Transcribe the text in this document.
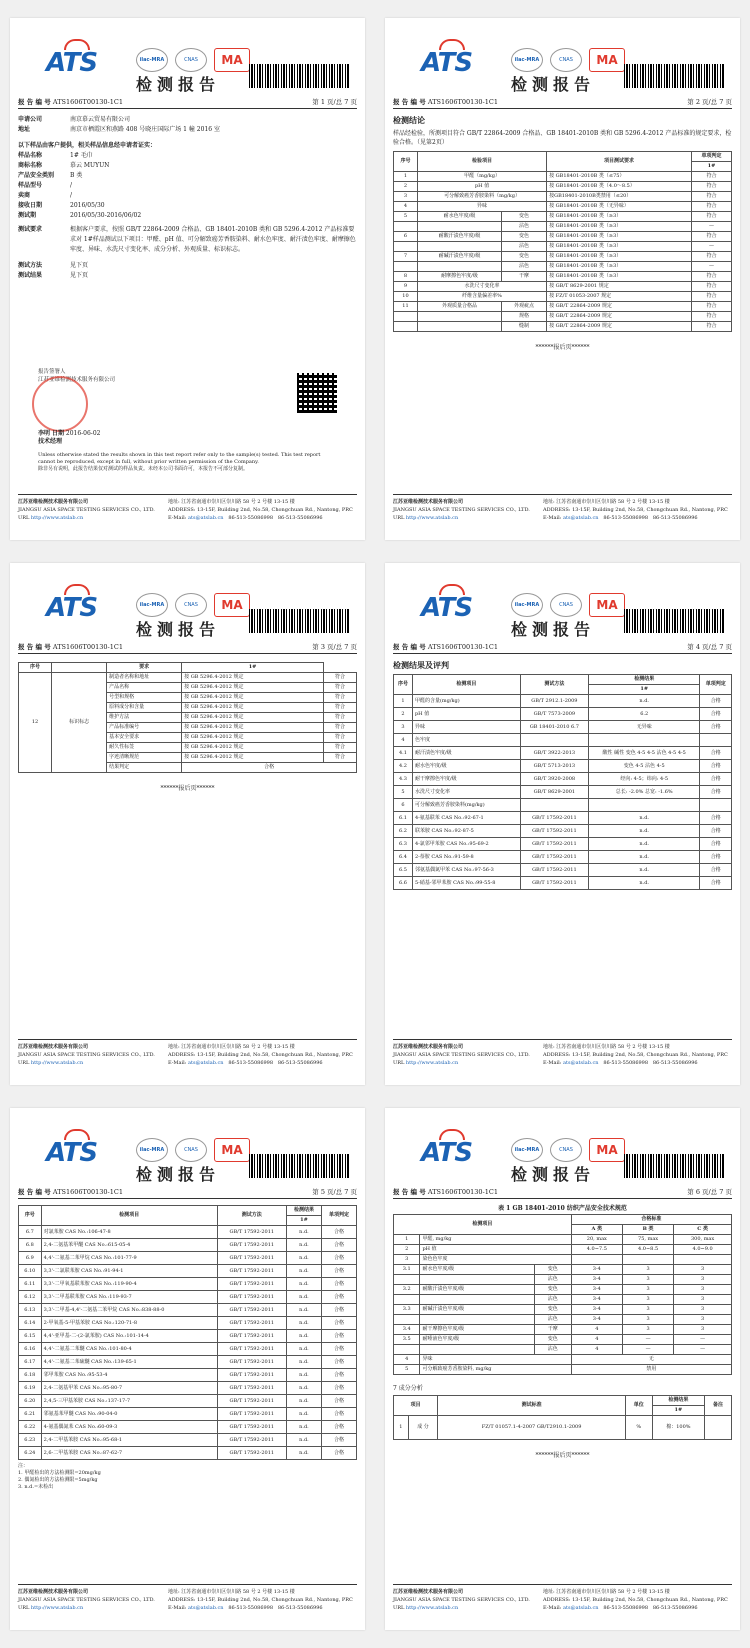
ATS	ilac-MRA	CNAS	MA
检测报告
报 告 编 号 ATS1606T00130-1C1	第 1 页/总 7 页
申请公司	南京慕云贸易有限公司
地址	南京市栖霞区和燕路 408 号晓庄国际广场 1 幢 2016 室
以下样品由客户提供，相关样品信息经申请者证实：
样品名称	1# 毛巾
商标名称	慕云 MUYUN
产品安全类别	B 类
样品型号	/
卖商	/
接收日期	2016/05/30
测试期	2016/05/30-2016/06/02
测试要求	根据客户要求，按照 GB/T 22864-2009 合格品、GB 18401-2010B 类和 GB 5296.4-2012 产品标准要求对 1#样品测试以下项目：甲醛、pH 值、可分解致癌芳香胺染料、耐水色牢度、耐汗渍色牢度、耐摩擦色牢度、异味、水洗尺寸变化率、成分分析、外观质量、标识标志。
测试方法	见下页
测试结果	见下页
报告签署人
江苏亚维检测技术服务有限公司
李明 日期 2016-06-02
技术经理
Unless otherwise stated the results shown in this test report refer only to the sample(s) tested. This test report cannot be reproduced, except in full, without prior written permission of the Company.
除非另有说明，此报告结果仅对测试的样品负责。未经本公司书面许可，本报告不可部分复制。
江苏亚维检测技术服务有限公司	地址: 江苏省南通市崇川区崇川路 58 号 2 号楼 13-15 楼
JIANGSU ASIA SPACE TESTING SERVICES CO., LTD.	ADDRESS: 13-15F, Building 2nd, No.58, Chongchuan Rd., Nantong, PRC
URL http://www.atslab.cn	E-Mail: ats@atslab.cn 86-513-55086998 86-513-55086996
ATS	ilac-MRA	CNAS	MA
检测报告
报 告 编 号 ATS1606T00130-1C1	第 2 页/总 7 页
检测结论
样品经检验，所测项目符合 GB/T 22864-2009 合格品、GB 18401-2010B 类和 GB 5296.4-2012 产品标准的规定要求，检验合格。（见第2页）
序号	检验项目		项目测试要求	单项判定
				1#
1	甲醛（mg/kg）		按 GB18401-2010B 类（≤75）	符合
2	pH 值		按 GB18401-2010B 类（4.0～8.5）	符合
3	可分解致癌芳香胺染料（mg/kg）		按GB18401-2010B类禁用（≤20）	符合
4	异味		按 GB18401-2010B 类（无异味）	符合
5	耐水色牢度/级	变色	按 GB18401-2010B 类（≥3）	符合
		沾色	按 GB18401-2010B 类（≥3）	—
6	耐酸汗渍色牢度/级	变色	按 GB18401-2010B 类（≥3）	符合
		沾色	按 GB18401-2010B 类（≥3）	—
7	耐碱汗渍色牢度/级	变色	按 GB18401-2010B 类（≥3）	符合
		沾色	按 GB18401-2010B 类（≥3）	—
8	耐摩擦色牢度/级	干摩	按 GB18401-2010B 类（≥3）	符合
9	水洗尺寸变化率		按 GB/T 8629-2001 规定	符合
10	纤维含量偏差率%		按 FZ/T 01053-2007 规定	符合
11	外观质量合格品	外观疵点	按 GB/T 22864-2009 规定	符合
		规格	按 GB/T 22864-2009 规定	符合
		缝制	按 GB/T 22864-2009 规定	符合
******报后页******
江苏亚维检测技术服务有限公司	地址: 江苏省南通市崇川区崇川路 58 号 2 号楼 13-15 楼
JIANGSU ASIA SPACE TESTING SERVICES CO., LTD.	ADDRESS: 13-15F, Building 2nd, No.58, Chongchuan Rd., Nantong, PRC
URL http://www.atslab.cn	E-Mail: ats@atslab.cn 86-513-55086998 86-513-55086996
ATS	ilac-MRA	CNAS	MA
检测报告
报 告 编 号 ATS1606T00130-1C1	第 3 页/总 7 页
序号		要求	1#	
12	标识标志	制造者名称和地址	按 GB 5296.4-2012 规定	符合
		产品名称	按 GB 5296.4-2012 规定	符合
		号型和规格	按 GB 5296.4-2012 规定	符合
		原料成分和含量	按 GB 5296.4-2012 规定	符合
		维护方法	按 GB 5296.4-2012 规定	符合
		产品标准编号	按 GB 5296.4-2012 规定	符合
		基本安全要求	按 GB 5296.4-2012 规定	符合
		耐久性标签	按 GB 5296.4-2012 规定	符合
		字迹清晰规范	按 GB 5296.4-2012 规定	符合
		结果判定	合格	
******报后页******
江苏亚维检测技术服务有限公司	地址: 江苏省南通市崇川区崇川路 58 号 2 号楼 13-15 楼
JIANGSU ASIA SPACE TESTING SERVICES CO., LTD.	ADDRESS: 13-15F, Building 2nd, No.58, Chongchuan Rd., Nantong, PRC
URL http://www.atslab.cn	E-Mail: ats@atslab.cn 86-513-55086998 86-513-55086996
ATS	ilac-MRA	CNAS	MA
检测报告
报 告 编 号 ATS1606T00130-1C1	第 4 页/总 7 页
检测结果及评判
序号	检测项目	测试方法	检测结果	单项判定
			1#	
1	甲醛的含量(mg/kg)	GB/T 2912.1-2009	n.d.	合格
2	pH 值	GB/T 7573-2009	6.2	合格
3	异味	GB 18401-2010 6.7	无异味	合格
4	色牢度			
4.1	耐汗渍色牢度/级	GB/T 3922-2013	酸性 碱性 变色 4-5 4-5 沾色 4-5 4-5	合格
4.2	耐水色牢度/级	GB/T 5713-2013	变色 4-5 沾色 4-5	合格
4.3	耐干摩擦色牢度/级	GB/T 3920-2008	经向: 4-5；纬向: 4-5	合格
5	水洗尺寸变化率	GB/T 8629-2001	总长: -2.0% 总宽: -1.6%	合格
6	可分解致癌芳香胺染料(mg/kg)			
6.1	4-氨基联苯 CAS No.:92-67-1	GB/T 17592-2011	n.d.	合格
6.2	联苯胺 CAS No.:92-87-5	GB/T 17592-2011	n.d.	合格
6.3	4-氯邻甲苯胺 CAS No.:95-69-2	GB/T 17592-2011	n.d.	合格
6.4	2-萘胺 CAS No.:91-59-8	GB/T 17592-2011	n.d.	合格
6.5	邻氨基偶氮甲苯 CAS No.:97-56-3	GB/T 17592-2011	n.d.	合格
6.6	5-硝基-邻甲苯胺 CAS No.:99-55-8	GB/T 17592-2011	n.d.	合格
江苏亚维检测技术服务有限公司	地址: 江苏省南通市崇川区崇川路 58 号 2 号楼 13-15 楼
JIANGSU ASIA SPACE TESTING SERVICES CO., LTD.	ADDRESS: 13-15F, Building 2nd, No.58, Chongchuan Rd., Nantong, PRC
URL http://www.atslab.cn	E-Mail: ats@atslab.cn 86-513-55086998 86-513-55086996
ATS	ilac-MRA	CNAS	MA
检测报告
报 告 编 号 ATS1606T00130-1C1	第 5 页/总 7 页
序号	检测项目	测试方法	检测结果	单项判定
			1#	
6.7	对氯苯胺 CAS No.:106-47-8	GB/T 17592-2011	n.d.	合格
6.8	2,4-二氨基苯甲醚 CAS No.:615-05-4	GB/T 17592-2011	n.d.	合格
6.9	4,4'-二氨基二苯甲烷 CAS No.:101-77-9	GB/T 17592-2011	n.d.	合格
6.10	3,3'-二氯联苯胺 CAS No.:91-94-1	GB/T 17592-2011	n.d.	合格
6.11	3,3'-二甲氧基联苯胺 CAS No.:119-90-4	GB/T 17592-2011	n.d.	合格
6.12	3,3'-二甲基联苯胺 CAS No.:119-93-7	GB/T 17592-2011	n.d.	合格
6.13	3,3'-二甲基-4,4'-二氨基二苯甲烷 CAS No.:838-88-0	GB/T 17592-2011	n.d.	合格
6.14	2-甲氧基-5-甲基苯胺 CAS No.:120-71-8	GB/T 17592-2011	n.d.	合格
6.15	4,4'-亚甲基-二-(2-氯苯胺) CAS No.:101-14-4	GB/T 17592-2011	n.d.	合格
6.16	4,4'-二氨基二苯醚 CAS No.:101-80-4	GB/T 17592-2011	n.d.	合格
6.17	4,4'-二氨基二苯硫醚 CAS No.:139-65-1	GB/T 17592-2011	n.d.	合格
6.18	邻甲苯胺 CAS No.:95-53-4	GB/T 17592-2011	n.d.	合格
6.19	2,4-二氨基甲苯 CAS No.:95-80-7	GB/T 17592-2011	n.d.	合格
6.20	2,4,5-三甲基苯胺 CAS No.:137-17-7	GB/T 17592-2011	n.d.	合格
6.21	邻氨基苯甲醚 CAS No.:90-04-0	GB/T 17592-2011	n.d.	合格
6.22	4-氨基偶氮苯 CAS No.:60-09-3	GB/T 17592-2011	n.d.	合格
6.23	2,4-二甲基苯胺 CAS No.:95-68-1	GB/T 17592-2011	n.d.	合格
6.24	2,6-二甲基苯胺 CAS No.:87-62-7	GB/T 17592-2011	n.d.	合格
注：
1. 甲醛检出的方法检测限=20mg/kg
2. 偶氮检出的方法检测限=5mg/kg
3. n.d.=未检出
江苏亚维检测技术服务有限公司	地址: 江苏省南通市崇川区崇川路 58 号 2 号楼 13-15 楼
JIANGSU ASIA SPACE TESTING SERVICES CO., LTD.	ADDRESS: 13-15F, Building 2nd, No.58, Chongchuan Rd., Nantong, PRC
URL http://www.atslab.cn	E-Mail: ats@atslab.cn 86-513-55086998 86-513-55086996
ATS	ilac-MRA	CNAS	MA
检测报告
报 告 编 号 ATS1606T00130-1C1	第 6 页/总 7 页
表 1 GB 18401-2010 纺织产品安全技术规范
检测项目			合格标准		
			A 类	B 类	C 类
1	甲醛, mg/kg		20, max	75, max	300, max
2	pH 值		4.0~7.5	4.0~8.5	4.0~9.0
3	染色色牢度				
3.1	耐水色牢度/级	变色	3-4	3	3
		沾色	3-4	3	3
3.2	耐酸汗渍色牢度/级	变色	3-4	3	3
		沾色	3-4	3	3
3.3	耐碱汗渍色牢度/级	变色	3-4	3	3
		沾色	3-4	3	3
3.4	耐干摩擦色牢度/级	干摩	4	3	3
3.5	耐唾液色牢度/级	变色	4	—	—
		沾色	4	—	—
4	异味		无		
5	可分解致癌芳香胺染料, mg/kg		禁用		
7 成分分析
项目		测试标准	单位	检测结果	备注
				1#	
1	成 分	FZ/T 01057.1-4-2007 GB/T2910.1-2009	%	棉：100%	
******报后页******
江苏亚维检测技术服务有限公司	地址: 江苏省南通市崇川区崇川路 58 号 2 号楼 13-15 楼
JIANGSU ASIA SPACE TESTING SERVICES CO., LTD.	ADDRESS: 13-15F, Building 2nd, No.58, Chongchuan Rd., Nantong, PRC
URL http://www.atslab.cn	E-Mail: ats@atslab.cn 86-513-55086998 86-513-55086996
